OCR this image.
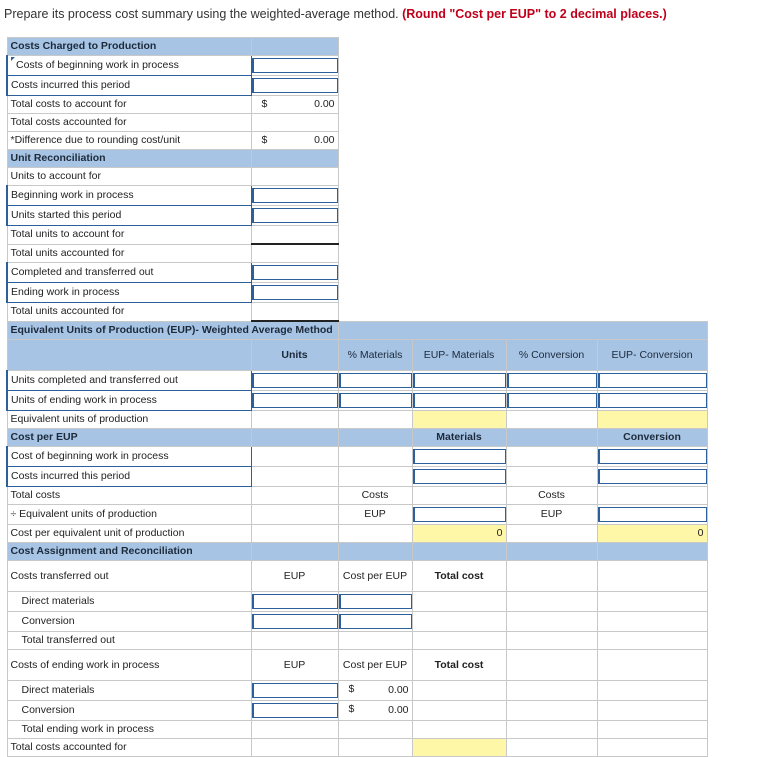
Prepare its process cost summary using the weighted-average method. (Round "Cost per EUP" to 2 decimal places.)
Costs Charged to Production					
Costs of beginning work in process				

Costs incurred this period				

Total costs to account for	$ 0.00				
Total costs accounted for					
*Difference due to rounding cost/unit	$ 0.00				
Unit Reconciliation					
Units to account for					
Beginning work in process				

Units started this period				

Total units to account for					
Total units accounted for					
Completed and transferred out				

Ending work in process				

Total units accounted for					
Equivalent Units of Production (EUP)- Weighted Average Method					
	Units	% Materials	EUP- Materials	% Conversion	EUP- Conversion
Units completed and transferred out	

Units of ending work in process	

Equivalent units of production					
Cost per EUP			Materials		Conversion
Cost of beginning work in process			

Costs incurred this period			

Total costs		Costs		Costs	
÷ Equivalent units of production		EUP		EUP	

Cost per equivalent unit of production			0		0
Cost Assignment and Reconciliation					
Costs transferred out	EUP	Cost per EUP	Total cost		
Direct materials	

Conversion	

Total transferred out					
Costs of ending work in process	EUP	Cost per EUP	Total cost		
Direct materials		$ 0.00			
Conversion		$ 0.00			
Total ending work in process					
Total costs accounted for					
